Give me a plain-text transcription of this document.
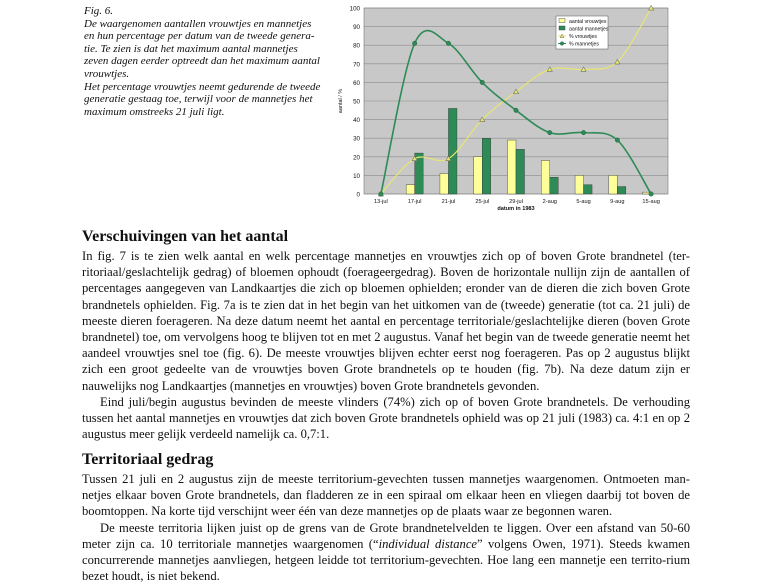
Fig. 6.

De waargenomen aantallen vrouwtjes en mannetjes

en hun percentage per datum van de tweede genera-

tie. Te zien is dat het maximum aantal mannetjes

zeven dagen eerder optreedt dan het maximum aantal

vrouwtjes.

Het percentage vrouwtjes neemt gedurende de tweede

generatie gestaag toe, terwijl voor de mannetjes het

maximum omstreeks 21 juli ligt.

0
10
20
30
40
50
60
70
80
90
100
aantal / %
13-jul	17-jul	21-jul	25-jul	29-jul	2-aug	5-aug	9-aug	15-aug
datum in 1983
aantal vrouwtjes
aantal mannetjes
% vrouwtjes
% mannetjes
Verschuivingen van het aantal

In fig. 7 is te zien welk aantal en welk percentage mannetjes en vrouwtjes zich op of boven Grote brandnetel (ter-ritoriaal/geslachtelijk gedrag) of bloemen ophoudt (foerageergedrag). Boven de horizontale nullijn zijn de aantallen of percentages aangegeven van Landkaartjes die zich op bloemen ophielden; eronder van de dieren die zich boven Grote brandnetels ophielden. Fig. 7a is te zien dat in het begin van het uitkomen van de (tweede) generatie (tot ca. 21 juli) de meeste dieren foerageren. Na deze datum neemt het aantal en percentage territoriale/geslachtelijke dieren (boven Grote brandnetel) toe, om vervolgens hoog te blijven tot en met 2 augustus. Vanaf het begin van de tweede generatie neemt het aandeel vrouwtjes snel toe (fig. 6). De meeste vrouwtjes blijven echter eerst nog foerageren. Pas op 2 augustus blijkt zich een groot gedeelte van de vrouwtjes boven Grote brandnetels op te houden (fig. 7b). Na deze datum zijn er nauwelijks nog Landkaartjes (mannetjes en vrouwtjes) boven Grote brandnetels gevonden.

Eind juli/begin augustus bevinden de meeste vlinders (74%) zich op of boven Grote brandnetels. De verhouding tussen het aantal mannetjes en vrouwtjes dat zich boven Grote brandnetels ophield was op 21 juli (1983) ca. 4:1 en op 2 augustus meer gelijk verdeeld namelijk ca. 0,7:1.

Territoriaal gedrag

Tussen 21 juli en 2 augustus zijn de meeste territorium-gevechten tussen mannetjes waargenomen. Ontmoeten man-netjes elkaar boven Grote brandnetels, dan fladderen ze in een spiraal om elkaar heen en vliegen daarbij tot boven de boomtoppen. Na korte tijd verschijnt weer één van deze mannetjes op de plaats waar ze begonnen waren.

De meeste territoria lijken juist op de grens van de Grote brandnetelvelden te liggen. Over een afstand van 50-60 meter zijn ca. 10 territoriale mannetjes waargenomen (“individual distance” volgens Owen, 1971). Steeds kwamen concurrerende mannetjes aanvliegen, hetgeen leidde tot territorium-gevechten. Hoe lang een mannetje een territo-rium bezet houdt, is niet bekend.
